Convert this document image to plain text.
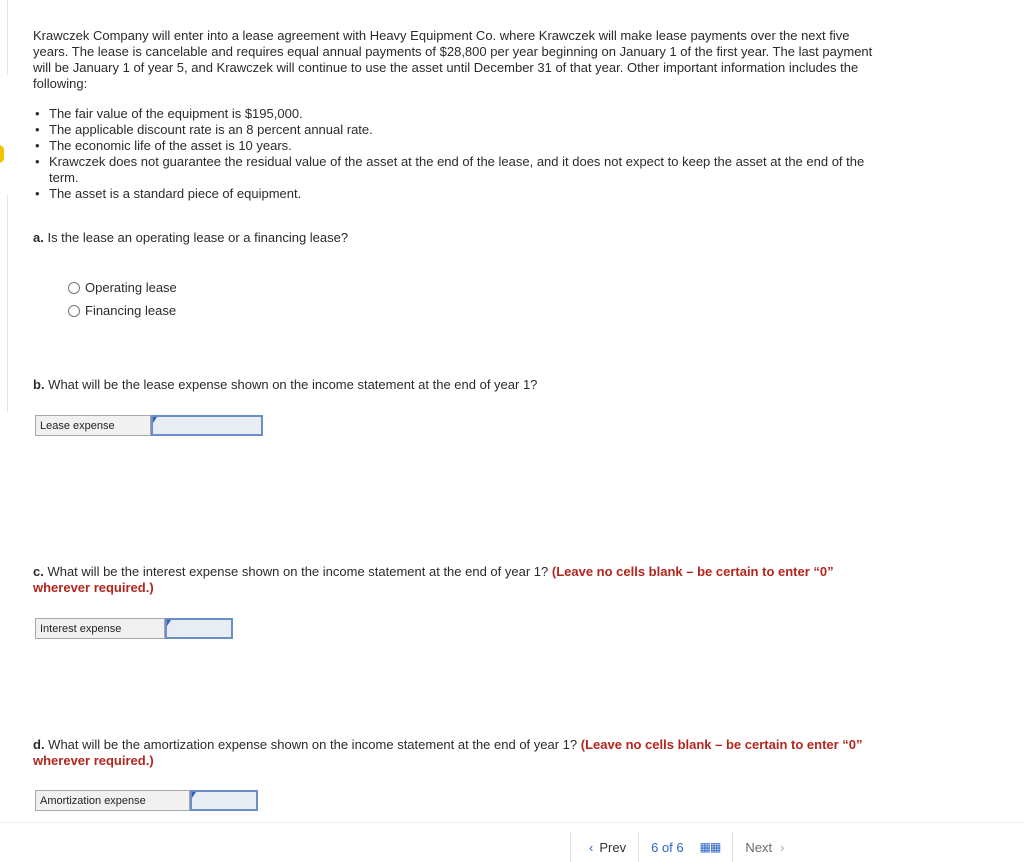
Krawczek Company will enter into a lease agreement with Heavy Equipment Co. where Krawczek will make lease payments over the next five years. The lease is cancelable and requires equal annual payments of $28,800 per year beginning on January 1 of the first year. The last payment will be January 1 of year 5, and Krawczek will continue to use the asset until December 31 of that year. Other important information includes the following:

• The fair value of the equipment is $195,000.
• The applicable discount rate is an 8 percent annual rate.
• The economic life of the asset is 10 years.
• Krawczek does not guarantee the residual value of the asset at the end of the lease, and it does not expect to keep the asset at the end of the term.
• The asset is a standard piece of equipment.

a. Is the lease an operating lease or a financing lease?

Operating lease
Financing lease

b. What will be the lease expense shown on the income statement at the end of year 1?

Lease expense

c. What will be the interest expense shown on the income statement at the end of year 1? (Leave no cells blank – be certain to enter “0” wherever required.)

Interest expense

d. What will be the amortization expense shown on the income statement at the end of year 1? (Leave no cells blank – be certain to enter “0” wherever required.)

Amortization expense
‹ Prev 6
of
6 ▦▦ Next ›
